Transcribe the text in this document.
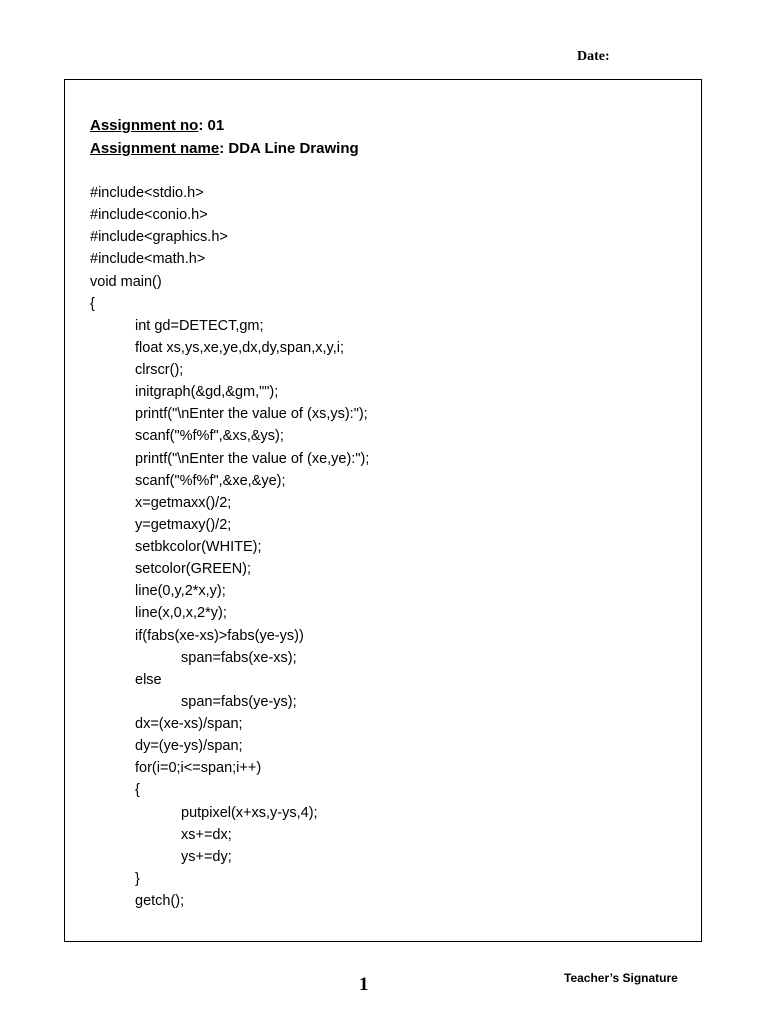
Date:
Assignment no: 01
Assignment name: DDA Line Drawing
#include<stdio.h>
#include<conio.h>
#include<graphics.h>
#include<math.h>
void main()
{
int gd=DETECT,gm;
float xs,ys,xe,ye,dx,dy,span,x,y,i;
clrscr();
initgraph(&gd,&gm,"");
printf("\nEnter the value of (xs,ys):");
scanf("%f%f",&xs,&ys);
printf("\nEnter the value of (xe,ye):");
scanf("%f%f",&xe,&ye);
x=getmaxx()/2;
y=getmaxy()/2;
setbkcolor(WHITE);
setcolor(GREEN);
line(0,y,2*x,y);
line(x,0,x,2*y);
if(fabs(xe-xs)>fabs(ye-ys))
span=fabs(xe-xs);
else
span=fabs(ye-ys);
dx=(xe-xs)/span;
dy=(ye-ys)/span;
for(i=0;i<=span;i++)
{
putpixel(x+xs,y-ys,4);
xs+=dx;
ys+=dy;
}
getch();
1	Teacher’s Signature
